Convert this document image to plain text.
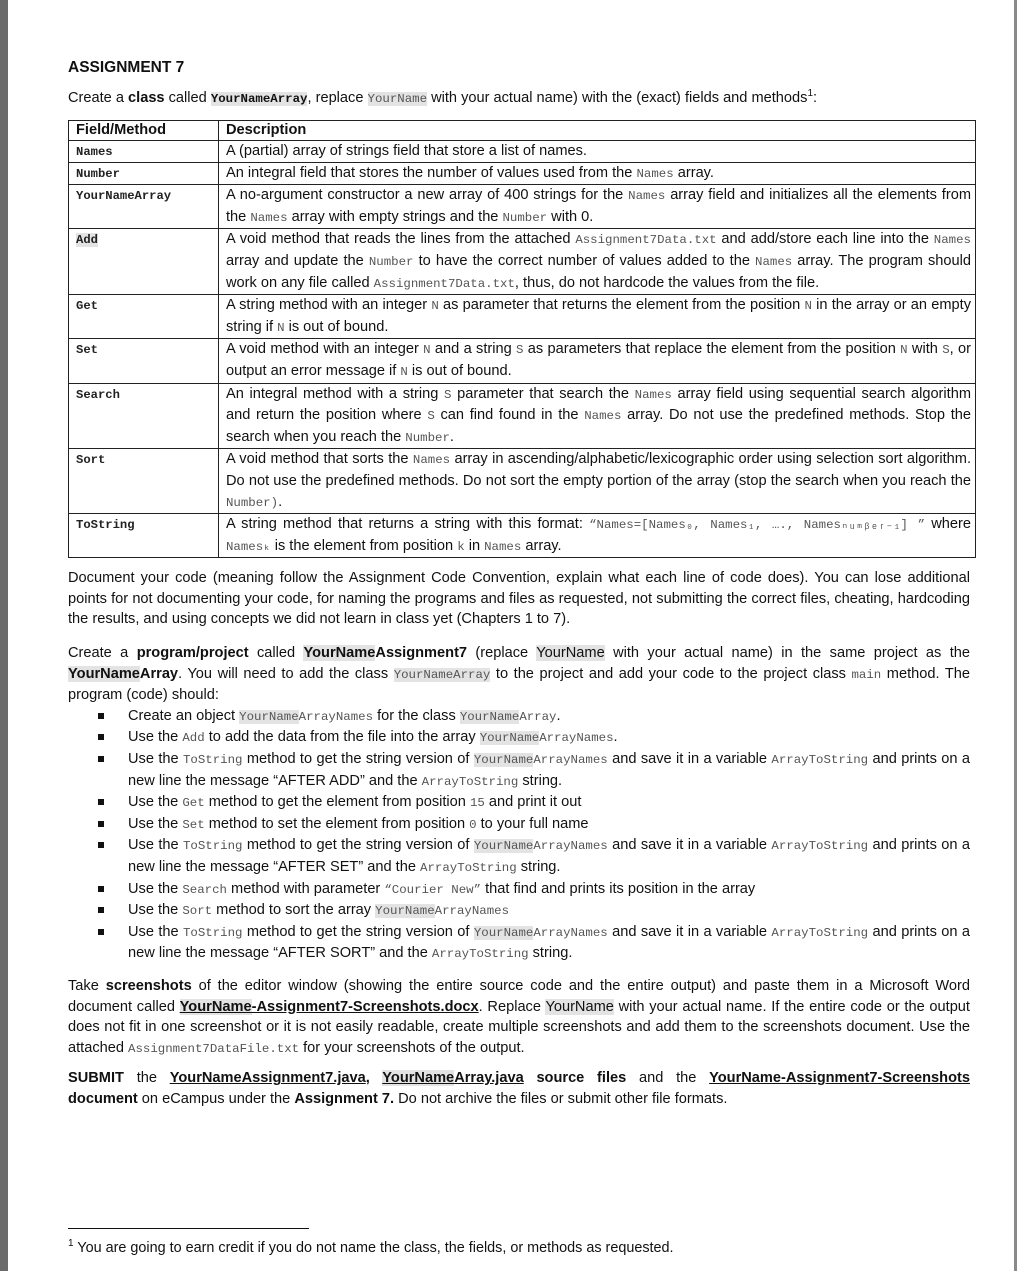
ASSIGNMENT 7

Create a class called YourNameArray, replace YourName with your actual name) with the (exact) fields and methods$^1$:

Field/Method	Description
Names	A (partial) array of strings field that store a list of names.
Number	An integral field that stores the number of values used from the Names array.
YourNameArray	A no-argument constructor a new array of 400 strings for the Names array field and initializes all the elements from the Names array with empty strings and the Number with 0.
Add	A void method that reads the lines from the attached Assignment7Data.txt and add/store each line into the Names array and update the Number to have the correct number of values added to the Names array. The program should work on any file called Assignment7Data.txt, thus, do not hardcode the values from the file.
Get	A string method with an integer N as parameter that returns the element from the position N in the array or an empty string if N is out of bound.
Set	A void method with an integer N and a string S as parameters that replace the element from the position N with S, or output an error message if N is out of bound.
Search	An integral method with a string S parameter that search the Names array field using sequential search algorithm and return the position where S can find found in the Names array. Do not use the predefined methods. Stop the search when you reach the Number.
Sort	A void method that sorts the Names array in ascending/alphabetic/lexicographic order using selection sort algorithm. Do not use the predefined methods. Do not sort the empty portion of the array (stop the search when you reach the Number).
ToString	A string method that returns a string with this format: “Names=[Names₀, Names₁, …., Namesₙᵤₘᵦₑᵣ₋₁] ” where Namesₖ is the element from position k in Names array.

Document your code (meaning follow the Assignment Code Convention, explain what each line of code does). You can lose additional points for not documenting your code, for naming the programs and files as requested, not submitting the correct files, cheating, hardcoding the results, and using concepts we did not learn in class yet (Chapters 1 to 7).

Create a program/project called YourNameAssignment7 (replace YourName with your actual name) in the same project as the YourNameArray. You will need to add the class YourNameArray to the project and add your code to the project class main method. The program (code) should:

Create an object YourNameArrayNames for the class YourNameArray.
Use the Add to add the data from the file into the array YourNameArrayNames.
Use the ToString method to get the string version of YourNameArrayNames and save it in a variable ArrayToString and prints on a new line the message “AFTER ADD” and the ArrayToString string.
Use the Get method to get the element from position 15 and print it out
Use the Set method to set the element from position 0 to your full name
Use the ToString method to get the string version of YourNameArrayNames and save it in a variable ArrayToString and prints on a new line the message “AFTER SET” and the ArrayToString string.
Use the Search method with parameter “Courier New” that find and prints its position in the array
Use the Sort method to sort the array YourNameArrayNames
Use the ToString method to get the string version of YourNameArrayNames and save it in a variable ArrayToString and prints on a new line the message “AFTER SORT” and the ArrayToString string.

Take screenshots of the editor window (showing the entire source code and the entire output) and paste them in a Microsoft Word document called YourName-Assignment7-Screenshots.docx. Replace YourName with your actual name. If the entire code or the output does not fit in one screenshot or it is not easily readable, create multiple screenshots and add them to the screenshots document. Use the attached Assignment7DataFile.txt for your screenshots of the output.

SUBMIT the YourNameAssignment7.java, YourNameArray.java source files and the YourName-Assignment7-Screenshots document on eCampus under the Assignment 7. Do not archive the files or submit other file formats.

$^1$ You are going to earn credit if you do not name the class, the fields, or methods as requested.
